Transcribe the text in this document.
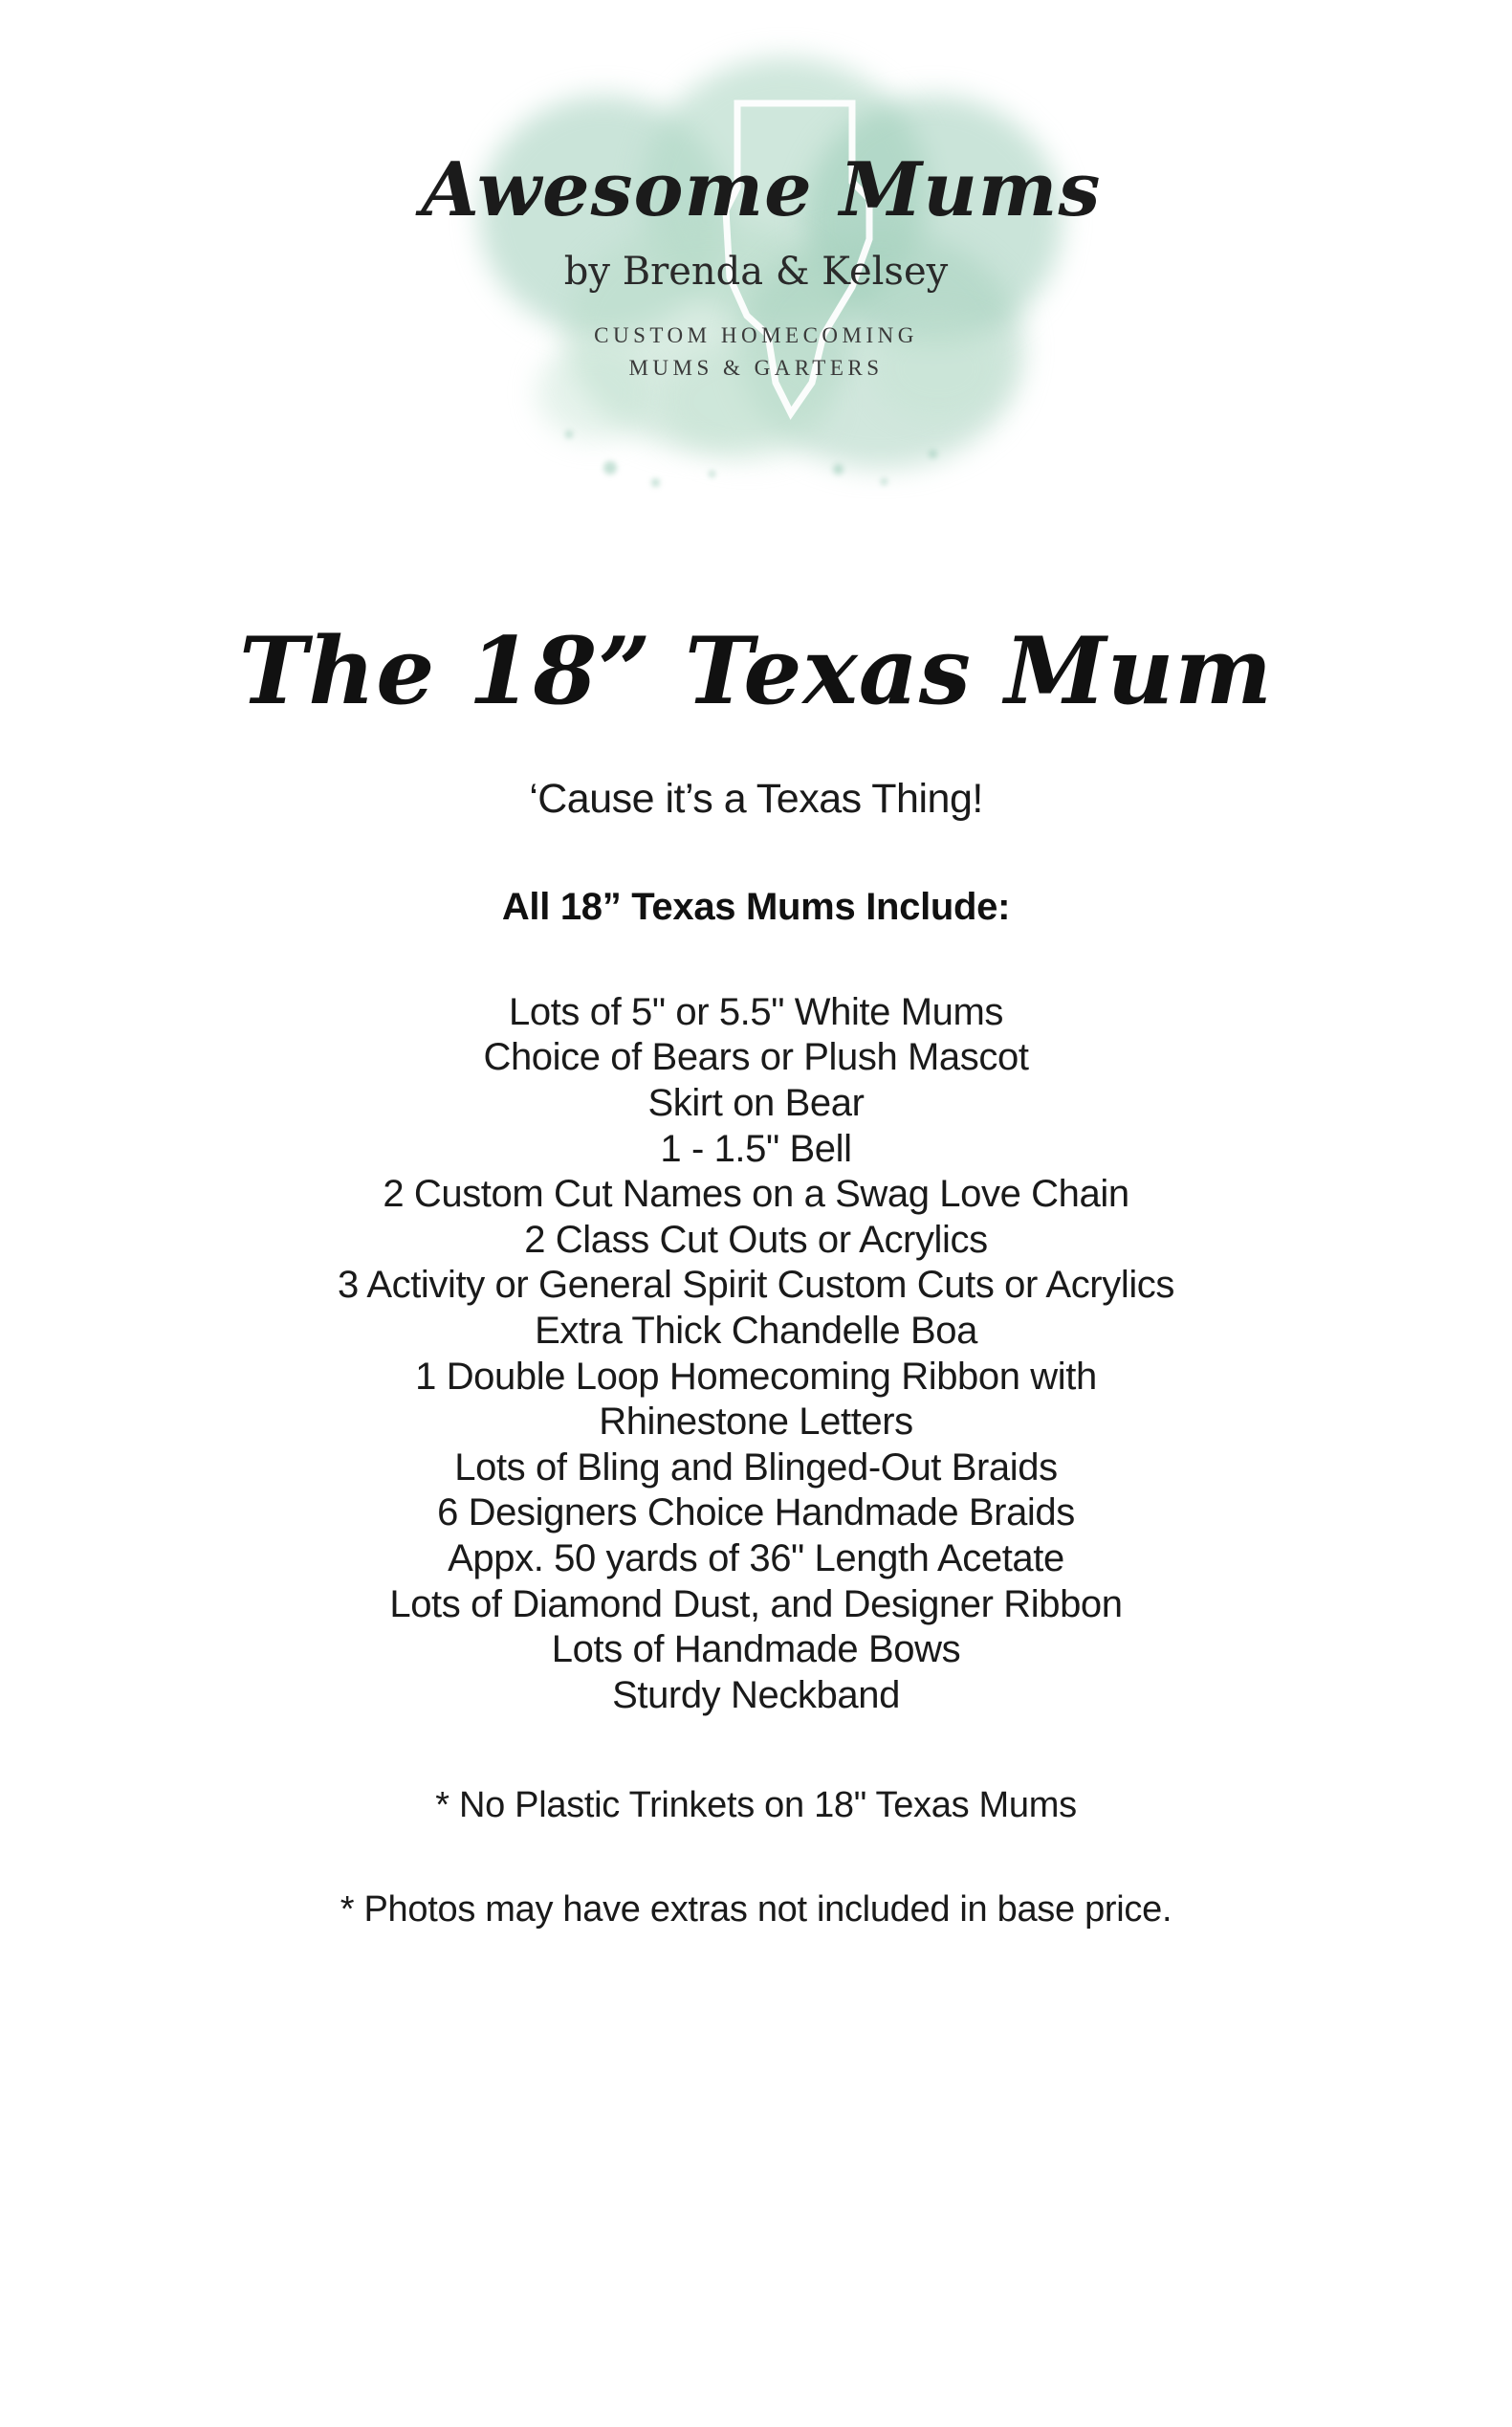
Awesome Mums
by Brenda & Kelsey
CUSTOM HOMECOMING
MUMS & GARTERS
The 18” Texas Mum
‘Cause it’s a Texas Thing!
All 18” Texas Mums Include:
Lots of 5" or 5.5" White Mums
Choice of Bears or Plush Mascot
Skirt on Bear
1 - 1.5" Bell
2 Custom Cut Names on a Swag Love Chain
2 Class Cut Outs or Acrylics
3 Activity or General Spirit Custom Cuts or Acrylics
Extra Thick Chandelle Boa
1 Double Loop Homecoming Ribbon with
Rhinestone Letters
Lots of Bling and Blinged-Out Braids
6 Designers Choice Handmade Braids
Appx. 50 yards of 36" Length Acetate
Lots of Diamond Dust, and Designer Ribbon
Lots of Handmade Bows
Sturdy Neckband
* No Plastic Trinkets on 18" Texas Mums
* Photos may have extras not included in base price.
